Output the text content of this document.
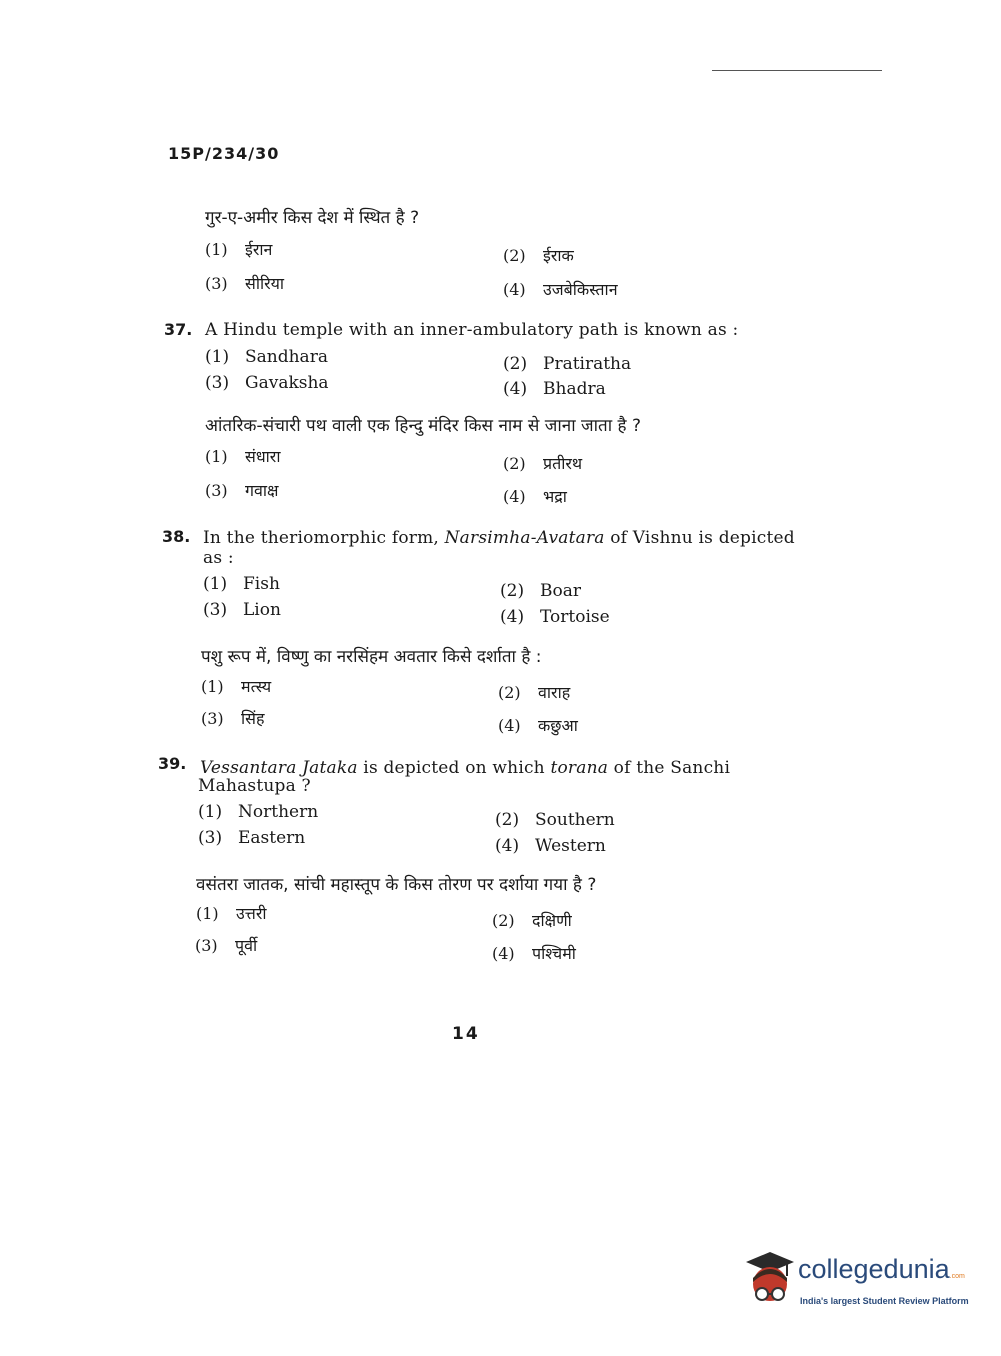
15P/234/30
गुर-ए-अमीर किस देश में स्थित है ?
(1) ईरान	(2) ईराक
(3) सीरिया	(4) उजबेकिस्तान
37. A Hindu temple with an inner-ambulatory path is known as :
(1) Sandhara	(2) Pratiratha
(3) Gavaksha	(4) Bhadra
आंतरिक-संचारी पथ वाली एक हिन्दु मंदिर किस नाम से जाना जाता है ?
(1) संधारा	(2) प्रतीरथ
(3) गवाक्ष	(4) भद्रा
38. In the theriomorphic form, Narsimha-Avatara of Vishnu is depicted
as :
(1) Fish	(2) Boar
(3) Lion	(4) Tortoise
पशु रूप में, विष्णु का नरसिंहम अवतार किसे दर्शाता है :
(1) मत्स्य	(2) वाराह
(3) सिंह	(4) कछुआ
39. Vessantara Jataka is depicted on which torana of the Sanchi
Mahastupa ?
(1) Northern	(2) Southern
(3) Eastern	(4) Western
वसंतरा जातक, सांची महास्तूप के किस तोरण पर दर्शाया गया है ?
(1) उत्तरी	(2) दक्षिणी
(3) पूर्वी	(4) पश्चिमी
14
collegedunia.com
India's largest Student Review Platform
